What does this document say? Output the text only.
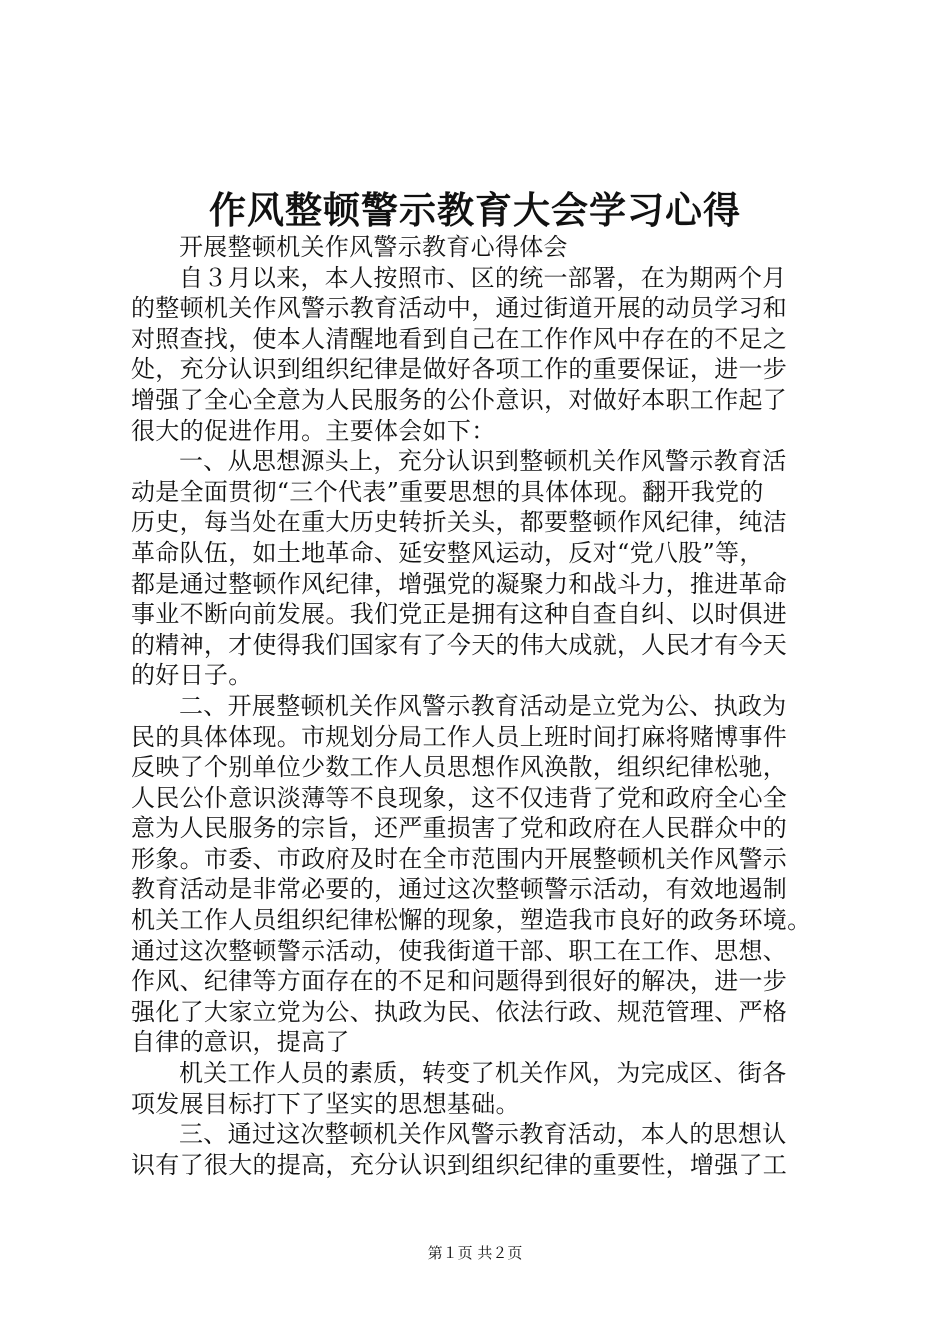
作风整顿警示教育大会学习心得
开展整顿机关作风警示教育心得体会
自３月以来，本人按照市、区的统一部署，在为期两个月
的整顿机关作风警示教育活动中，通过街道开展的动员学习和
对照查找，使本人清醒地看到自己在工作作风中存在的不足之
处，充分认识到组织纪律是做好各项工作的重要保证，进一步
增强了全心全意为人民服务的公仆意识，对做好本职工作起了
很大的促进作用。主要体会如下：
一、从思想源头上，充分认识到整顿机关作风警示教育活
动是全面贯彻“三个代表”重要思想的具体体现。翻开我党的
历史，每当处在重大历史转折关头，都要整顿作风纪律，纯洁
革命队伍，如土地革命、延安整风运动，反对“党八股”等，
都是通过整顿作风纪律，增强党的凝聚力和战斗力，推进革命
事业不断向前发展。我们党正是拥有这种自查自纠、以时俱进
的精神，才使得我们国家有了今天的伟大成就，人民才有今天
的好日子。
二、开展整顿机关作风警示教育活动是立党为公、执政为
民的具体体现。市规划分局工作人员上班时间打麻将赌博事件
反映了个别单位少数工作人员思想作风涣散，组织纪律松驰，
人民公仆意识淡薄等不良现象，这不仅违背了党和政府全心全
意为人民服务的宗旨，还严重损害了党和政府在人民群众中的
形象。市委、市政府及时在全市范围内开展整顿机关作风警示
教育活动是非常必要的，通过这次整顿警示活动，有效地遏制
机关工作人员组织纪律松懈的现象，塑造我市良好的政务环境。
通过这次整顿警示活动，使我街道干部、职工在工作、思想、
作风、纪律等方面存在的不足和问题得到很好的解决，进一步
强化了大家立党为公、执政为民、依法行政、规范管理、严格
自律的意识，提高了
机关工作人员的素质，转变了机关作风，为完成区、街各
项发展目标打下了坚实的思想基础。
三、通过这次整顿机关作风警示教育活动，本人的思想认
识有了很大的提高，充分认识到组织纪律的重要性，增强了工
第１页 共２页
